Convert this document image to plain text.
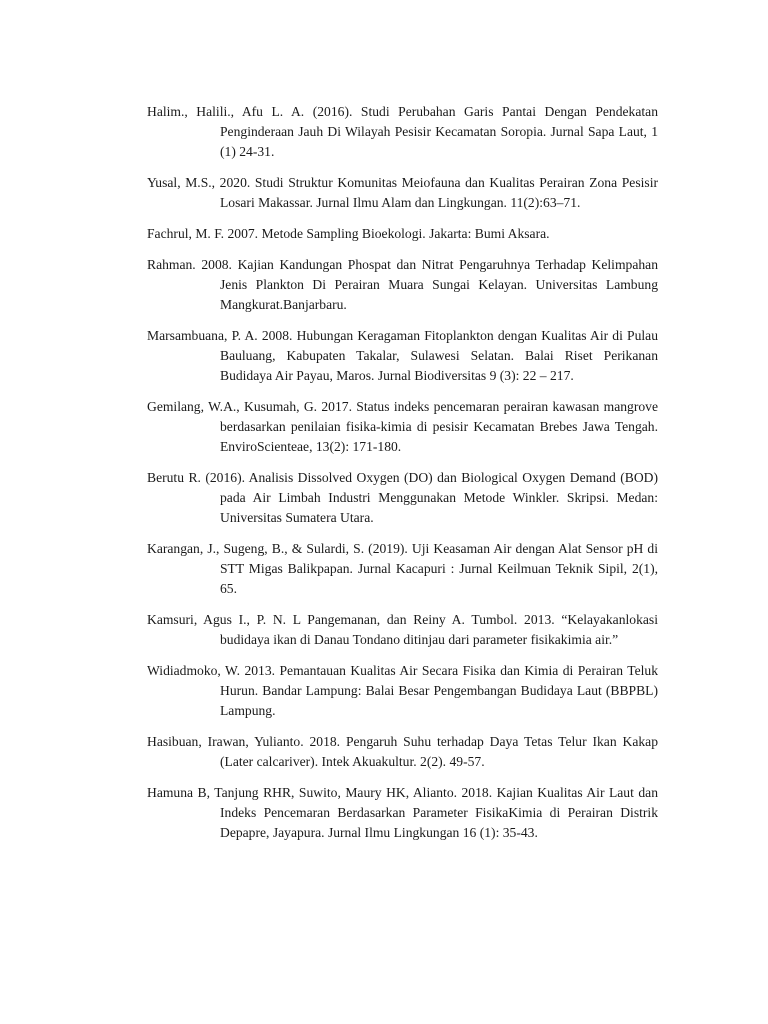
Halim., Halili., Afu L. A. (2016). Studi Perubahan Garis Pantai Dengan Pendekatan Penginderaan Jauh Di Wilayah Pesisir Kecamatan Soropia. Jurnal Sapa Laut, 1 (1) 24-31.
Yusal, M.S., 2020. Studi Struktur Komunitas Meiofauna dan Kualitas Perairan Zona Pesisir Losari Makassar. Jurnal Ilmu Alam dan Lingkungan. 11(2):63–71.
Fachrul, M. F. 2007. Metode Sampling Bioekologi. Jakarta: Bumi Aksara.
Rahman. 2008. Kajian Kandungan Phospat dan Nitrat Pengaruhnya Terhadap Kelimpahan Jenis Plankton Di Perairan Muara Sungai Kelayan. Universitas Lambung Mangkurat.Banjarbaru.
Marsambuana, P. A. 2008. Hubungan Keragaman Fitoplankton dengan Kualitas Air di Pulau Bauluang, Kabupaten Takalar, Sulawesi Selatan. Balai Riset Perikanan Budidaya Air Payau, Maros. Jurnal Biodiversitas 9 (3): 22 – 217.
Gemilang, W.A., Kusumah, G. 2017. Status indeks pencemaran perairan kawasan mangrove berdasarkan penilaian fisika-kimia di pesisir Kecamatan Brebes Jawa Tengah. EnviroScienteae, 13(2): 171-180.
Berutu R. (2016). Analisis Dissolved Oxygen (DO) dan Biological Oxygen Demand (BOD) pada Air Limbah Industri Menggunakan Metode Winkler. Skripsi. Medan: Universitas Sumatera Utara.
Karangan, J., Sugeng, B., & Sulardi, S. (2019). Uji Keasaman Air dengan Alat Sensor pH di STT Migas Balikpapan. Jurnal Kacapuri : Jurnal Keilmuan Teknik Sipil, 2(1), 65.
Kamsuri, Agus I., P. N. L Pangemanan, dan Reiny A. Tumbol. 2013. “Kelayakanlokasi budidaya ikan di Danau Tondano ditinjau dari parameter fisikakimia air.”
Widiadmoko, W. 2013. Pemantauan Kualitas Air Secara Fisika dan Kimia di Perairan Teluk Hurun. Bandar Lampung: Balai Besar Pengembangan Budidaya Laut (BBPBL) Lampung.
Hasibuan, Irawan, Yulianto. 2018. Pengaruh Suhu terhadap Daya Tetas Telur Ikan Kakap (Later calcariver). Intek Akuakultur. 2(2). 49-57.
Hamuna B, Tanjung RHR, Suwito, Maury HK, Alianto. 2018. Kajian Kualitas Air Laut dan Indeks Pencemaran Berdasarkan Parameter FisikaKimia di Perairan Distrik Depapre, Jayapura. Jurnal Ilmu Lingkungan 16 (1): 35-43.
